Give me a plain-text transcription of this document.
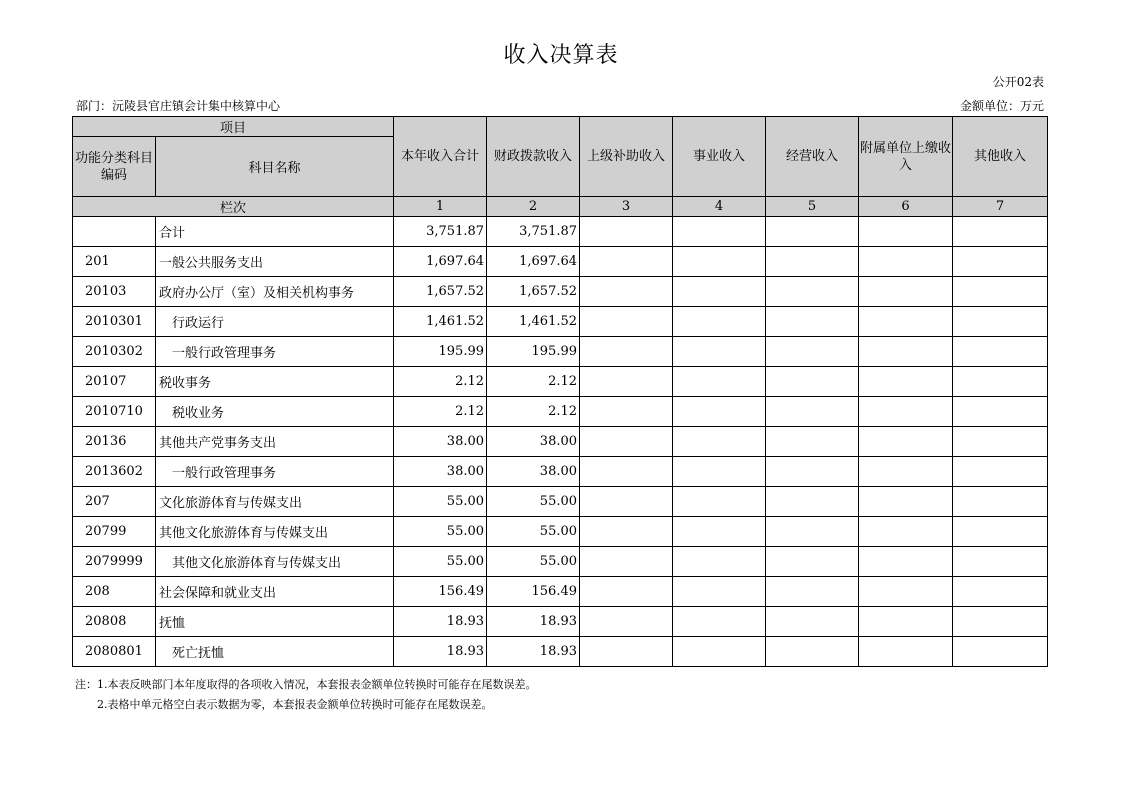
收入决算表
公开02表
部门：沅陵县官庄镇会计集中核算中心	金额单位：万元
项目		本年收入合计	财政拨款收入	上级补助收入	事业收入	经营收入	附属单位上缴收入	其他收入
功能分类科目编码	科目名称							
栏次		1	2	3	4	5	6	7
	合计	3,751.87	3,751.87					
201	一般公共服务支出	1,697.64	1,697.64					
20103	政府办公厅（室）及相关机构事务	1,657.52	1,657.52					
2010301	行政运行	1,461.52	1,461.52					
2010302	一般行政管理事务	195.99	195.99					
20107	税收事务	2.12	2.12					
2010710	税收业务	2.12	2.12					
20136	其他共产党事务支出	38.00	38.00					
2013602	一般行政管理事务	38.00	38.00					
207	文化旅游体育与传媒支出	55.00	55.00					
20799	其他文化旅游体育与传媒支出	55.00	55.00					
2079999	其他文化旅游体育与传媒支出	55.00	55.00					
208	社会保障和就业支出	156.49	156.49					
20808	抚恤	18.93	18.93					
2080801	死亡抚恤	18.93	18.93					
注：1.本表反映部门本年度取得的各项收入情况，本套报表金额单位转换时可能存在尾数误差。
2.表格中单元格空白表示数据为零，本套报表金额单位转换时可能存在尾数误差。
